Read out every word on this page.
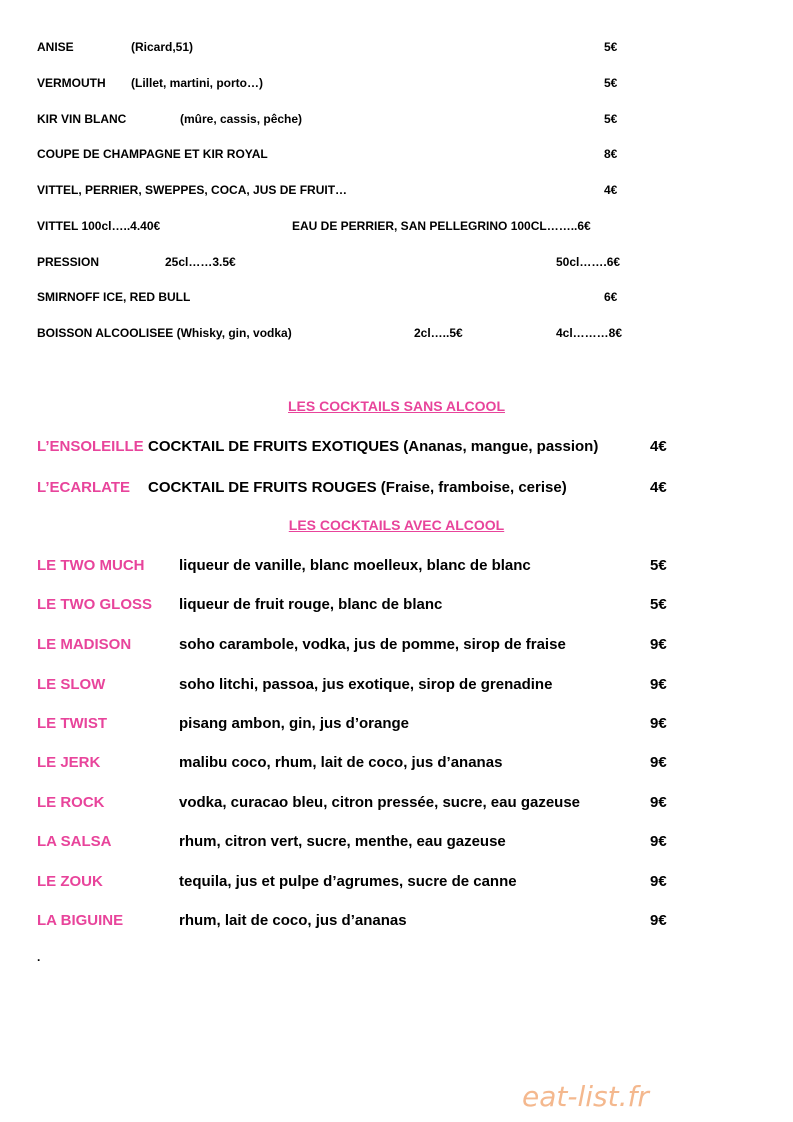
ANISE	(Ricard,51)	5€
VERMOUTH (Lillet, martini, porto…)	5€
KIR VIN BLANC	(mûre, cassis, pêche)	5€
COUPE DE CHAMPAGNE ET KIR ROYAL	8€
VITTEL, PERRIER, SWEPPES, COCA, JUS DE FRUIT…	4€
VITTEL 100cl…..4.40€	EAU DE PERRIER, SAN PELLEGRINO 100CL……..6€
PRESSION	25cl……3.5€	50cl…….6€
SMIRNOFF ICE, RED BULL	6€
BOISSON ALCOOLISEE (Whisky, gin, vodka)	2cl…..5€	4cl………8€
LES COCKTAILS SANS ALCOOL
L’ENSOLEILLE COCKTAIL DE FRUITS EXOTIQUES (Ananas, mangue, passion)	4€
L’ECARLATE COCKTAIL DE FRUITS ROUGES (Fraise, framboise, cerise)	4€
LES COCKTAILS AVEC ALCOOL
LE TWO MUCH liqueur de vanille, blanc moelleux, blanc de blanc	5€
LE TWO GLOSS liqueur de fruit rouge, blanc de blanc	5€
LE MADISON	soho carambole, vodka, jus de pomme, sirop de fraise	9€
LE SLOW	soho litchi, passoa, jus exotique, sirop de grenadine	9€
LE TWIST	pisang ambon, gin, jus d’orange	9€
LE JERK	malibu coco, rhum, lait de coco, jus d’ananas	9€
LE ROCK	vodka, curacao bleu, citron pressée, sucre, eau gazeuse	9€
LA SALSA	rhum, citron vert, sucre, menthe, eau gazeuse	9€
LE ZOUK	tequila, jus et pulpe d’agrumes, sucre de canne	9€
LA BIGUINE	rhum, lait de coco, jus d’ananas	9€
.
eat-list.fr
